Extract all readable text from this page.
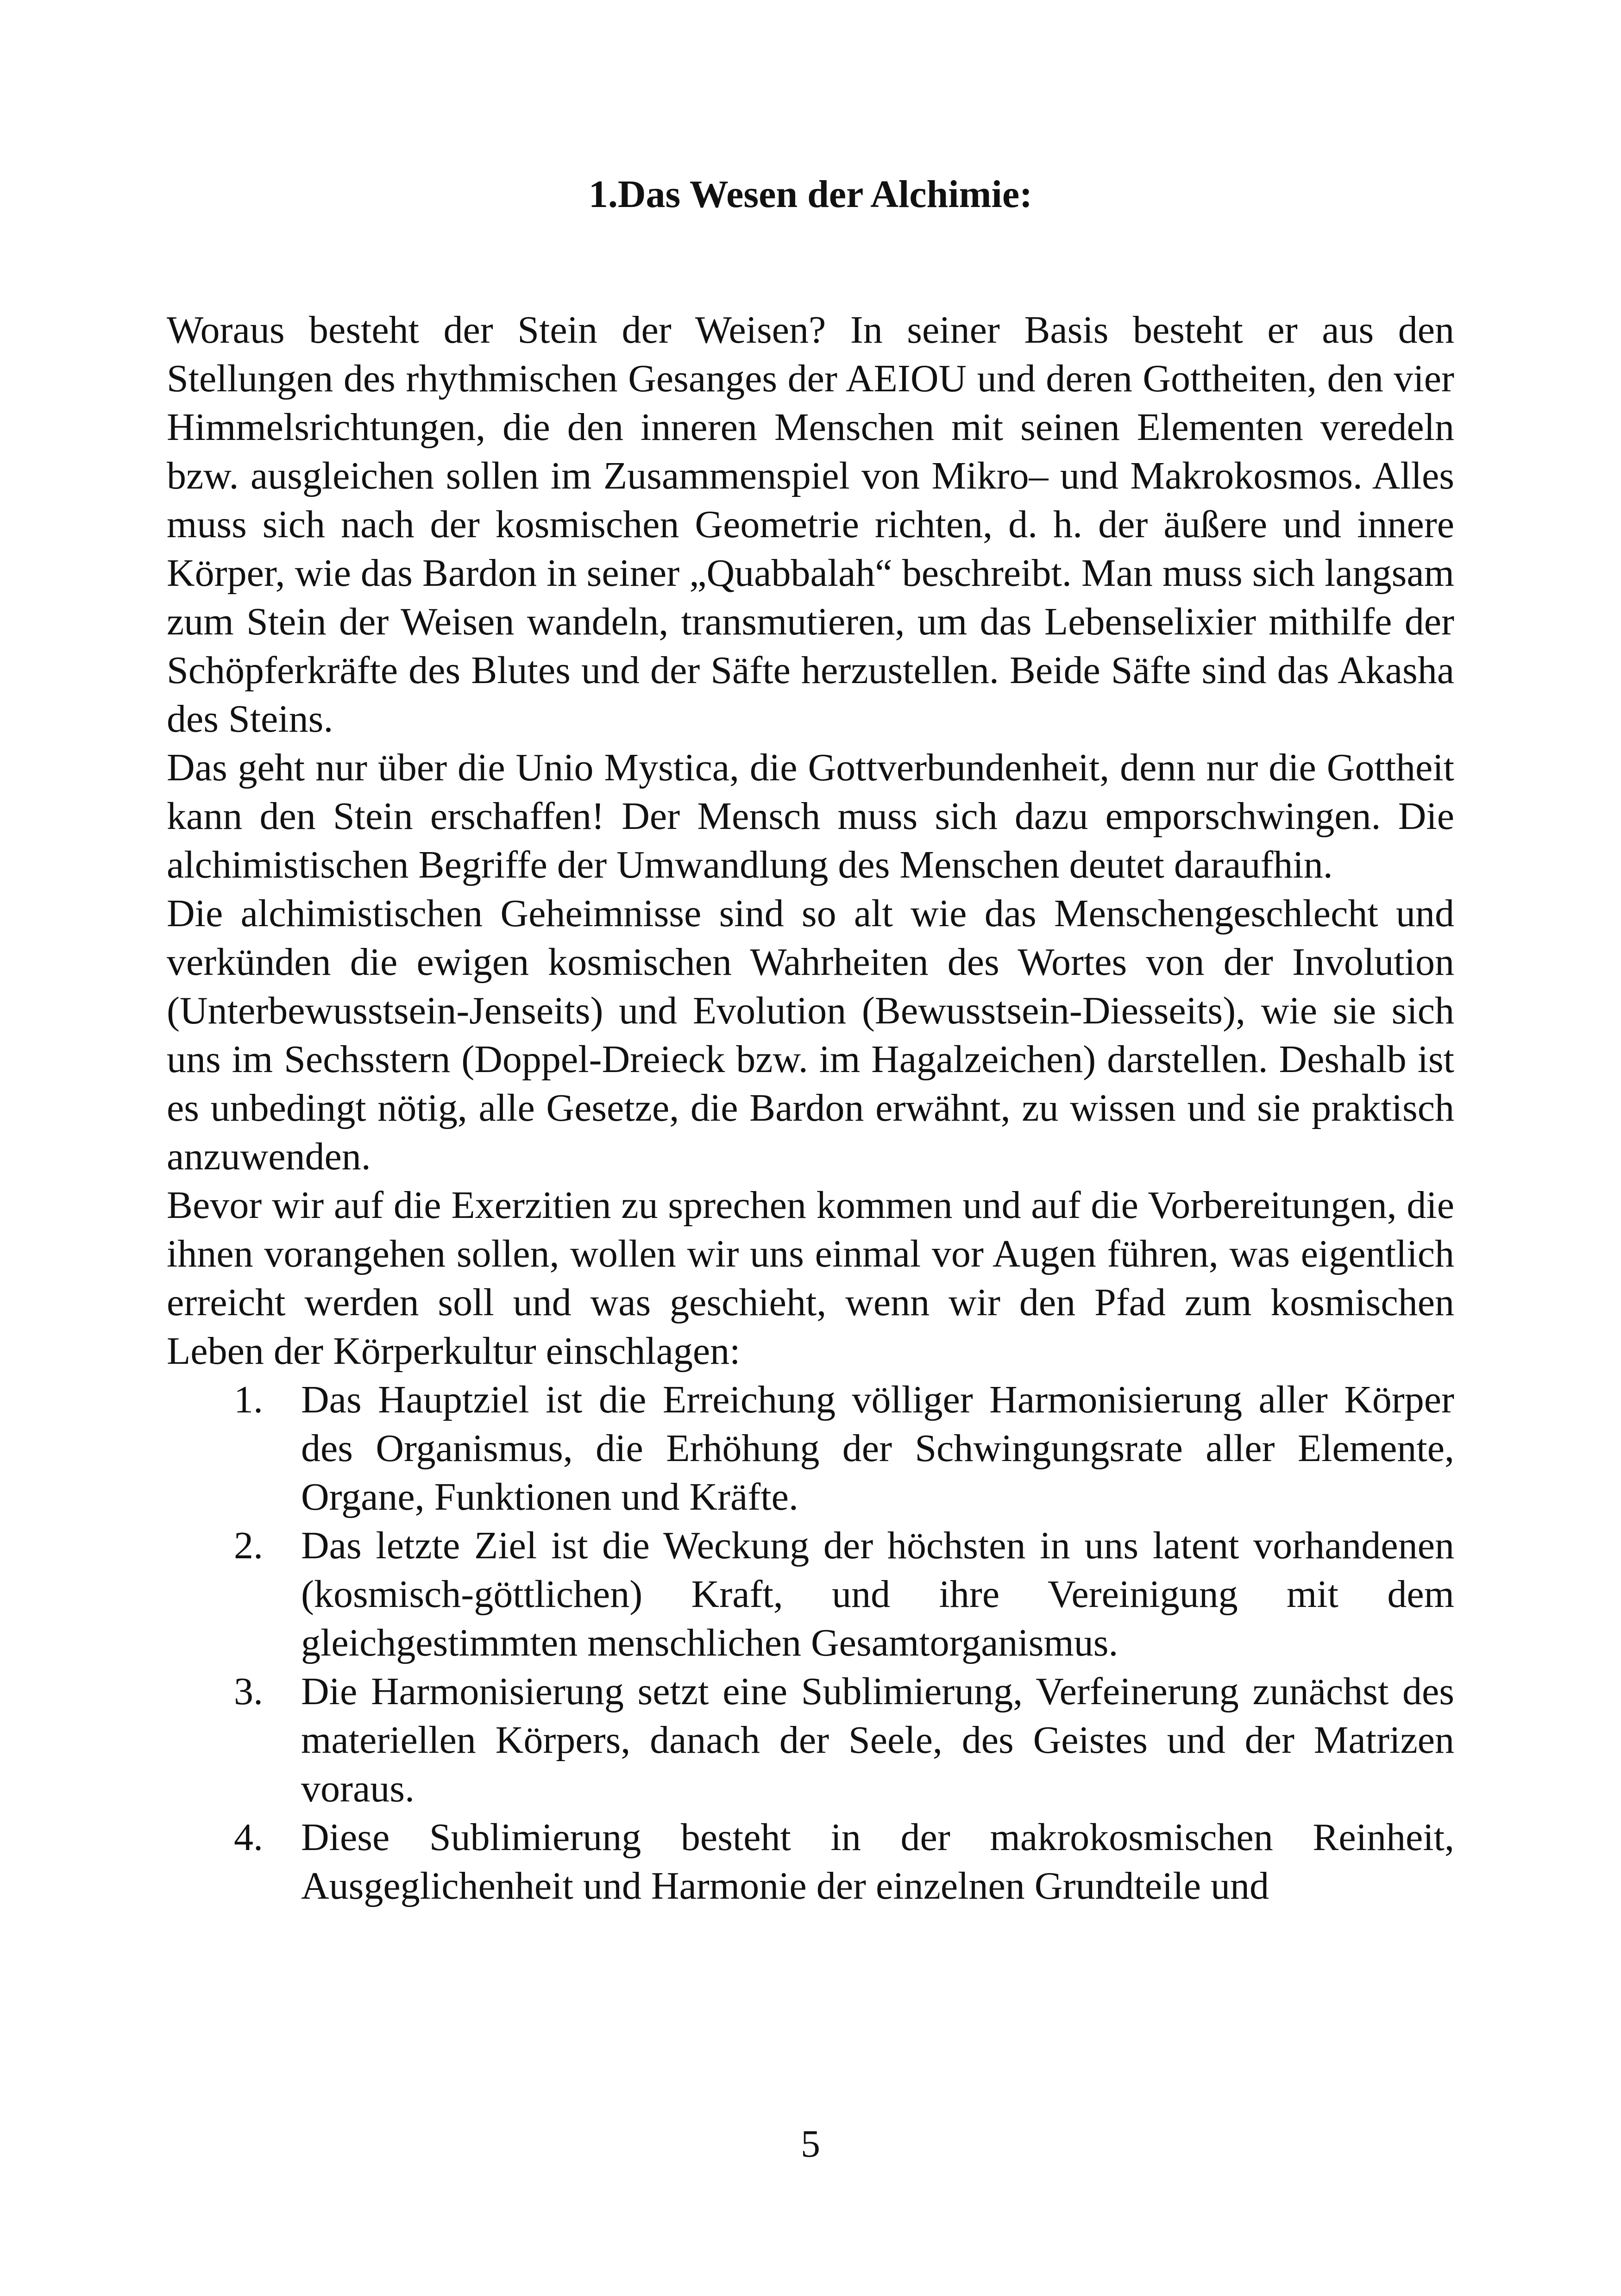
1.Das Wesen der Alchimie:

Woraus besteht der Stein der Weisen? In seiner Basis besteht er aus den Stellungen des rhythmischen Gesanges der AEIOU und deren Gottheiten, den vier Himmelsrichtungen, die den inneren Menschen mit seinen Elementen veredeln bzw. ausgleichen sollen im Zusammenspiel von Mikro– und Makrokosmos. Alles muss sich nach der kosmischen Geometrie richten, d. h. der äußere und innere Körper, wie das Bardon in seiner „Quabbalah“ beschreibt. Man muss sich langsam zum Stein der Weisen wandeln, transmutieren, um das Lebenselixier mithilfe der Schöpferkräfte des Blutes und der Säfte herzustellen. Beide Säfte sind das Akasha des Steins.

Das geht nur über die Unio Mystica, die Gottverbundenheit, denn nur die Gottheit kann den Stein erschaffen! Der Mensch muss sich dazu emporschwingen. Die alchimistischen Begriffe der Umwandlung des Menschen deutet daraufhin.

Die alchimistischen Geheimnisse sind so alt wie das Menschengeschlecht und verkünden die ewigen kosmischen Wahrheiten des Wortes von der Involution (Unterbewusstsein-Jenseits) und Evolution (Bewusstsein-Diesseits), wie sie sich uns im Sechsstern (Doppel-Dreieck bzw. im Hagalzeichen) darstellen. Deshalb ist es unbedingt nötig, alle Gesetze, die Bardon erwähnt, zu wissen und sie praktisch anzuwenden.

Bevor wir auf die Exerzitien zu sprechen kommen und auf die Vorbereitungen, die ihnen vorangehen sollen, wollen wir uns einmal vor Augen führen, was eigentlich erreicht werden soll und was geschieht, wenn wir den Pfad zum kosmischen Leben der Körperkultur einschlagen:

1. Das Hauptziel ist die Erreichung völliger Harmonisierung aller Körper des Organismus, die Erhöhung der Schwingungsrate aller Elemente, Organe, Funktionen und Kräfte.
2. Das letzte Ziel ist die Weckung der höchsten in uns latent vorhandenen (kosmisch-göttlichen) Kraft, und ihre Vereinigung mit dem gleichgestimmten menschlichen Gesamtorganismus.
3. Die Harmonisierung setzt eine Sublimierung, Verfeinerung zunächst des materiellen Körpers, danach der Seele, des Geistes und der Matrizen voraus.
4. Diese Sublimierung besteht in der makrokosmischen Reinheit, Ausgeglichenheit und Harmonie der einzelnen Grundteile und
5
